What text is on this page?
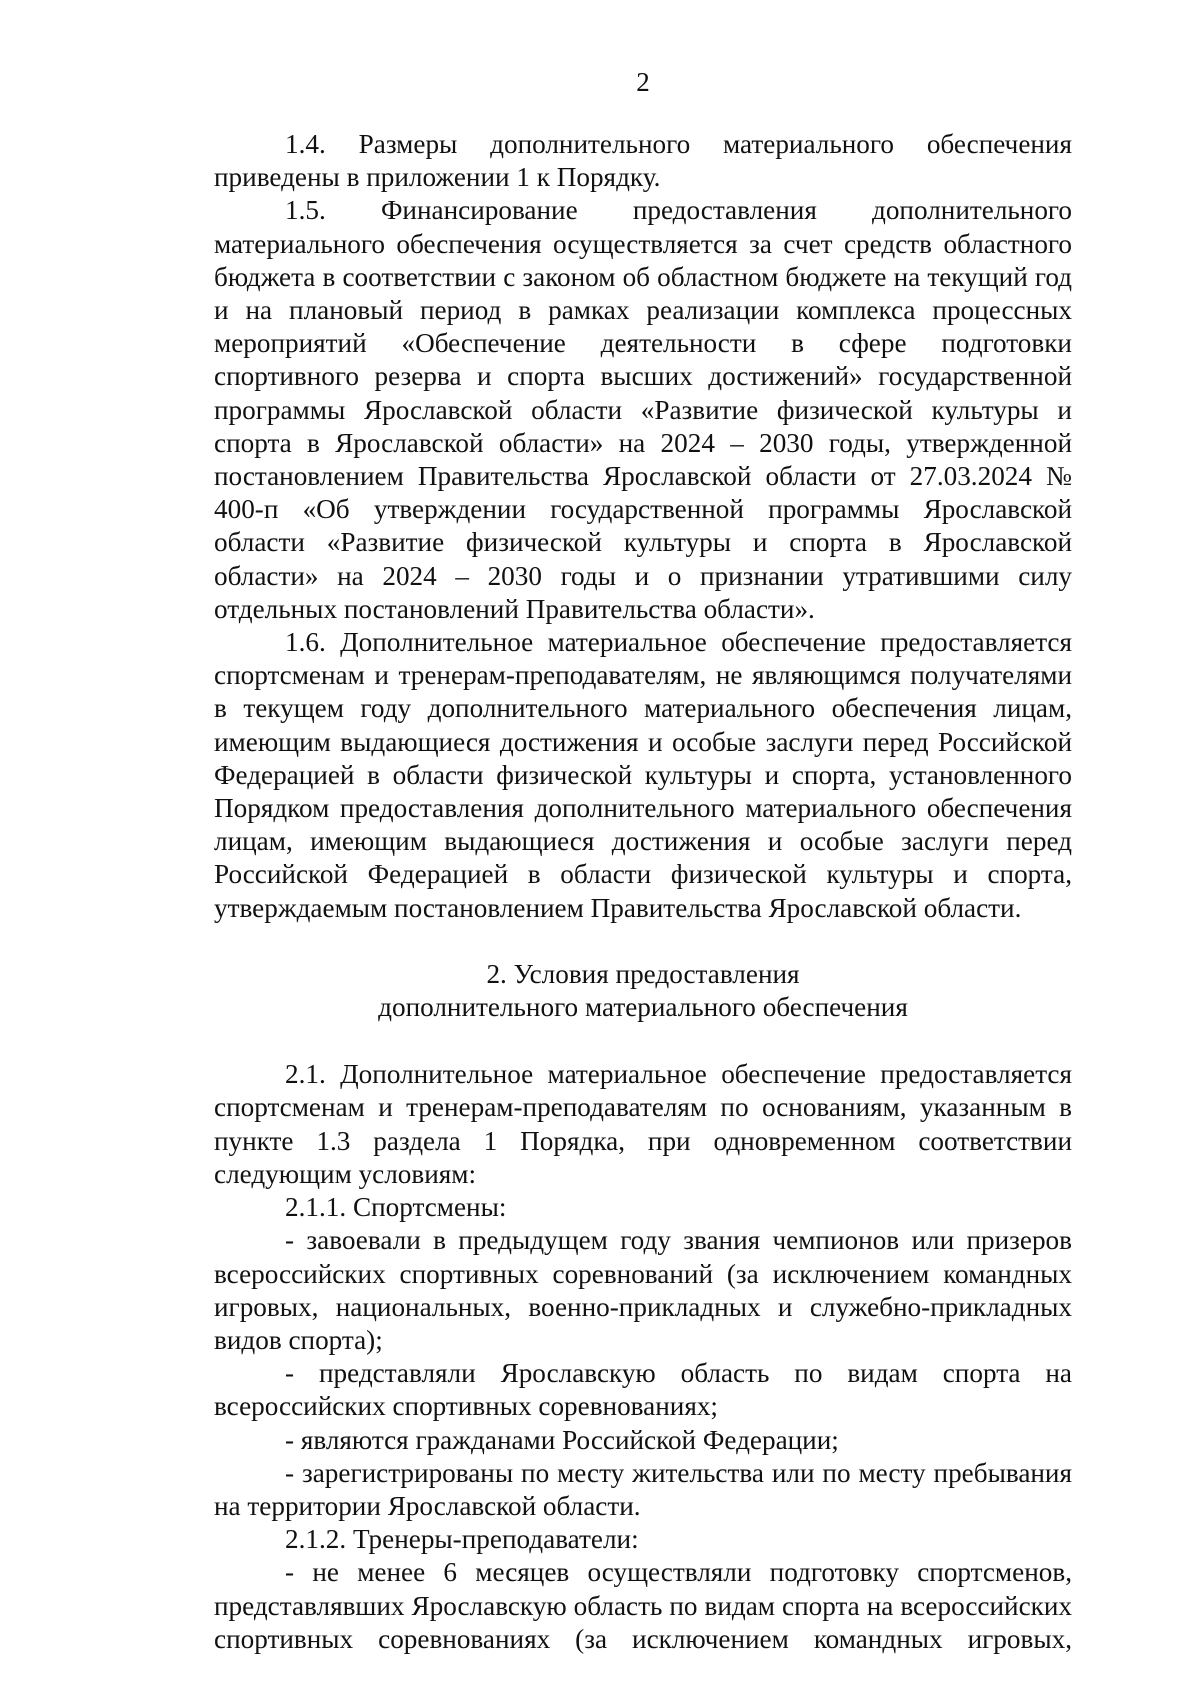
2

1.4. Размеры дополнительного материального обеспечения приведены в приложении 1 к Порядку.

1.5. Финансирование предоставления дополнительного материального обеспечения осуществляется за счет средств областного бюджета в соответствии с законом об областном бюджете на текущий год и на плановый период в рамках реализации комплекса процессных мероприятий «Обеспечение деятельности в сфере подготовки спортивного резерва и спорта высших достижений» государственной программы Ярославской области «Развитие физической культуры и спорта в Ярославской области» на 2024 – 2030 годы, утвержденной постановлением Правительства Ярославской области от 27.03.2024 № 400-п «Об утверждении государственной программы Ярославской области «Развитие физической культуры и спорта в Ярославской области» на 2024 – 2030 годы и о признании утратившими силу отдельных постановлений Правительства области».

1.6. Дополнительное материальное обеспечение предоставляется спортсменам и тренерам-преподавателям, не являющимся получателями в текущем году дополнительного материального обеспечения лицам, имеющим выдающиеся достижения и особые заслуги перед Российской Федерацией в области физической культуры и спорта, установленного Порядком предоставления дополнительного материального обеспечения лицам, имеющим выдающиеся достижения и особые заслуги перед Российской Федерацией в области физической культуры и спорта, утверждаемым постановлением Правительства Ярославской области.

2. Условия предоставления
дополнительного материального обеспечения

2.1. Дополнительное материальное обеспечение предоставляется спортсменам и тренерам-преподавателям по основаниям, указанным в пункте 1.3 раздела 1 Порядка, при одновременном соответствии следующим условиям:

2.1.1. Спортсмены:

- завоевали в предыдущем году звания чемпионов или призеров всероссийских спортивных соревнований (за исключением командных игровых, национальных, военно-прикладных и служебно-прикладных видов спорта);

- представляли Ярославскую область по видам спорта на всероссийских спортивных соревнованиях;

- являются гражданами Российской Федерации;

- зарегистрированы по месту жительства или по месту пребывания на территории Ярославской области.

2.1.2. Тренеры-преподаватели:

- не менее 6 месяцев осуществляли подготовку спортсменов, представлявших Ярославскую область по видам спорта на всероссийских спортивных соревнованиях (за исключением командных игровых,
